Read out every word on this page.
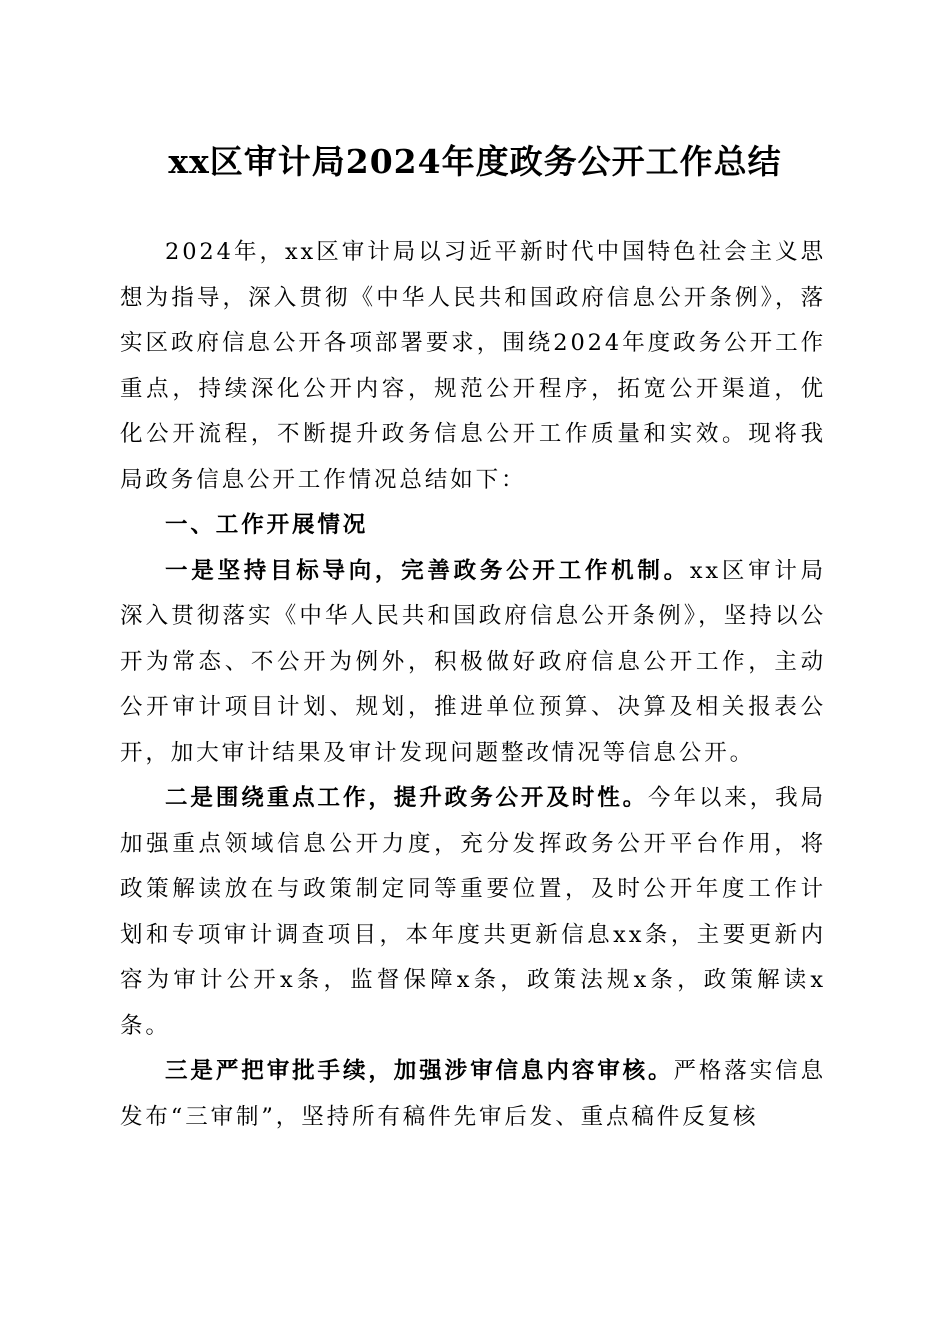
xx区审计局2024年度政务公开工作总结

2024年，xx区审计局以习近平新时代中国特色社会主义思想为指导，深入贯彻《中华人民共和国政府信息公开条例》，落实区政府信息公开各项部署要求，围绕2024年度政务公开工作重点，持续深化公开内容，规范公开程序，拓宽公开渠道，优化公开流程，不断提升政务信息公开工作质量和实效。现将我局政务信息公开工作情况总结如下：

一、工作开展情况

一是坚持目标导向，完善政务公开工作机制。xx区审计局深入贯彻落实《中华人民共和国政府信息公开条例》，坚持以公开为常态、不公开为例外，积极做好政府信息公开工作，主动公开审计项目计划、规划，推进单位预算、决算及相关报表公开，加大审计结果及审计发现问题整改情况等信息公开。

二是围绕重点工作，提升政务公开及时性。今年以来，我局加强重点领域信息公开力度，充分发挥政务公开平台作用，将政策解读放在与政策制定同等重要位置，及时公开年度工作计划和专项审计调查项目，本年度共更新信息xx条，主要更新内容为审计公开x条，监督保障x条，政策法规x条，政策解读x条。

三是严把审批手续，加强涉审信息内容审核。严格落实信息发布“三审制”，坚持所有稿件先审后发、重点稿件反复核
